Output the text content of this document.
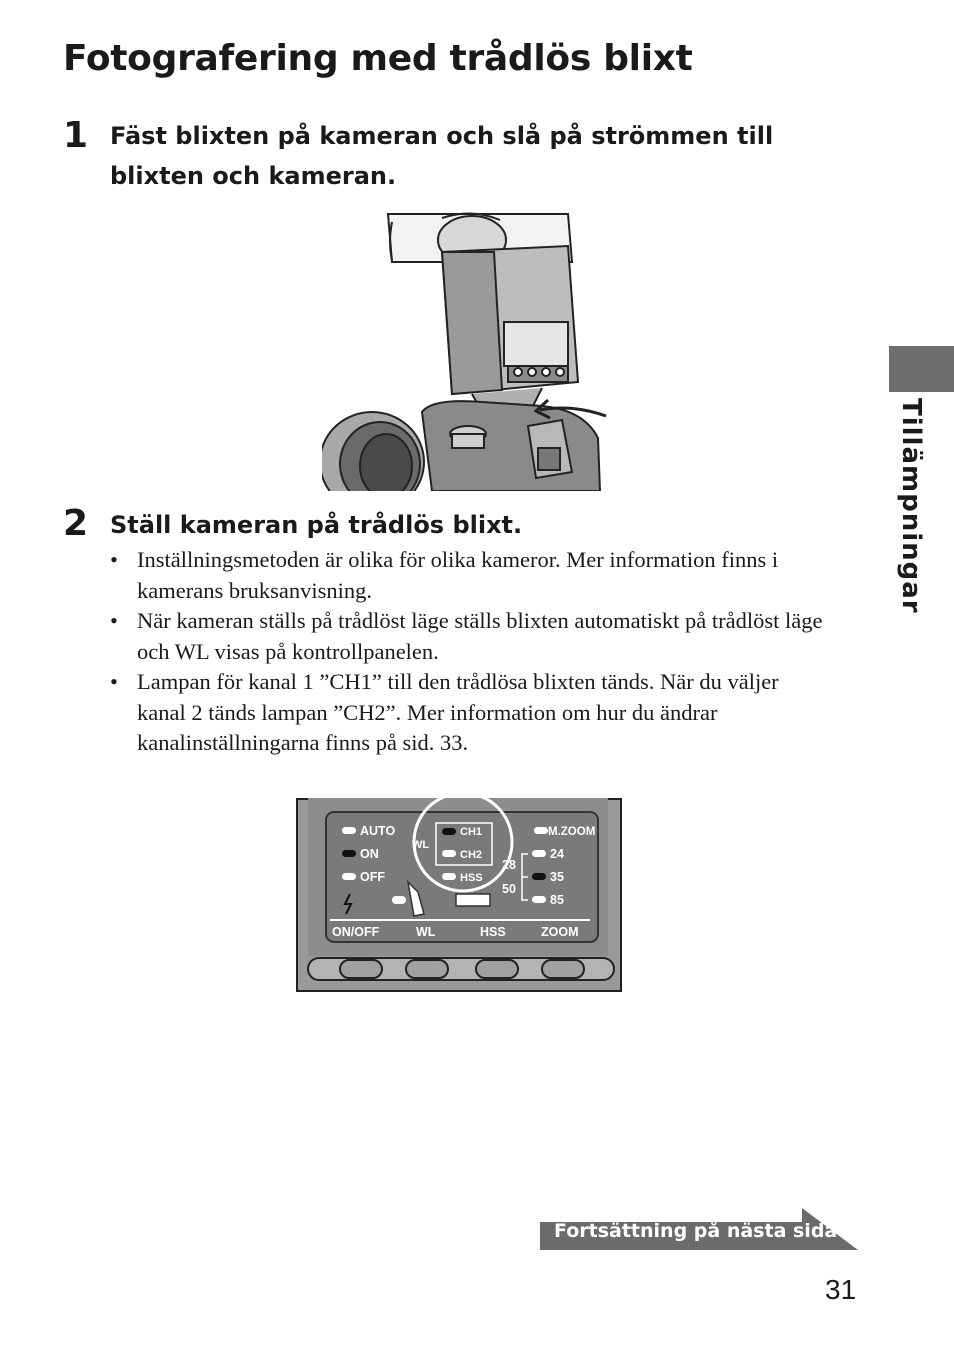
Fotografering med trådlös blixt
1 Fäst blixten på kameran och slå på strömmen till blixten och kameran.

2 Ställ kameran på trådlös blixt.

• Inställningsmetoden är olika för olika kameror. Mer information finns i kamerans bruksanvisning.
• När kameran ställs på trådlöst läge ställs blixten automatiskt på trådlöst läge och WL visas på kontrollpanelen.
• Lampan för kanal 1 ”CH1” till den trådlösa blixten tänds. När du väljer kanal 2 tänds lampan ”CH2”. Mer information om hur du ändrar kanalinställningarna finns på sid. 33.
AUTO
ON
OFF
CH1
CH2
WL
HSS
M.ZOOM
24
35
85
28
50
ON/OFF	WL	HSS	ZOOM
Tillämpningar
Fortsättning på nästa sida
31
